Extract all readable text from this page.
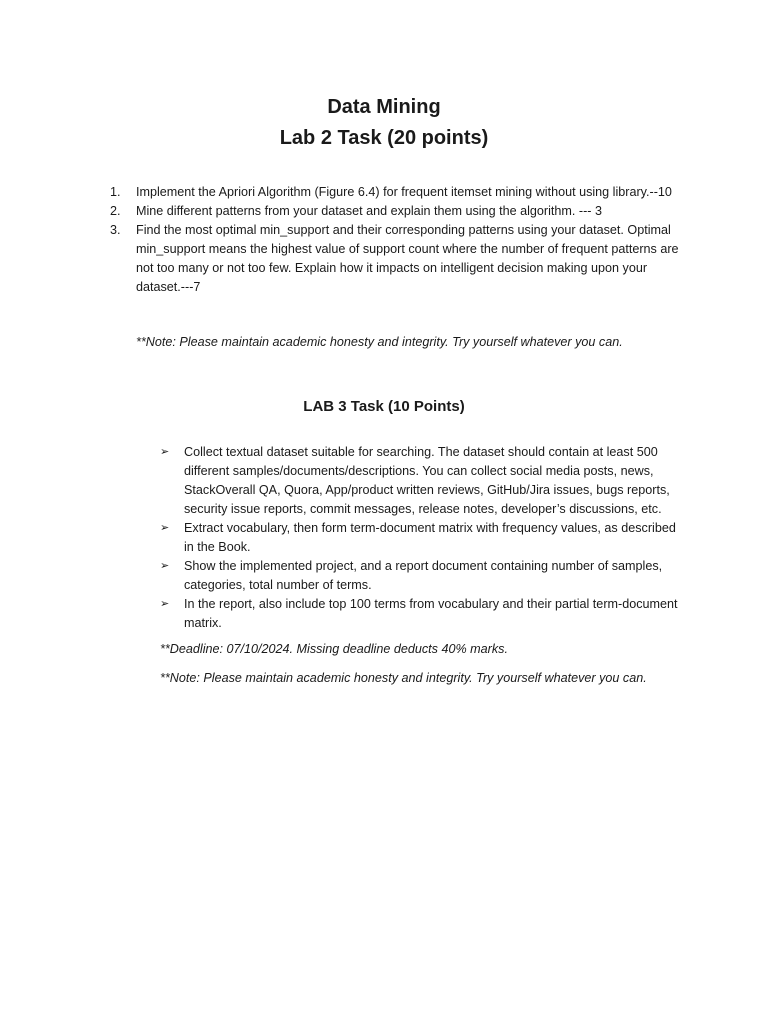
Data Mining
Lab 2 Task (20 points)
1. Implement the Apriori Algorithm (Figure 6.4) for frequent itemset mining without using library.--10
2. Mine different patterns from your dataset and explain them using the algorithm. --- 3
3. Find the most optimal min_support and their corresponding patterns using your dataset. Optimal min_support means the highest value of support count where the number of frequent patterns are not too many or not too few. Explain how it impacts on intelligent decision making upon your dataset.---7
**Note: Please maintain academic honesty and integrity. Try yourself whatever you can.
LAB 3 Task (10 Points)
➢ Collect textual dataset suitable for searching. The dataset should contain at least 500 different samples/documents/descriptions. You can collect social media posts, news, StackOverall QA, Quora, App/product written reviews, GitHub/Jira issues, bugs reports, security issue reports, commit messages, release notes, developer’s discussions, etc.
➢ Extract vocabulary, then form term-document matrix with frequency values, as described in the Book.
➢ Show the implemented project, and a report document containing number of samples, categories, total number of terms.
➢ In the report, also include top 100 terms from vocabulary and their partial term-document matrix.
**Deadline: 07/10/2024. Missing deadline deducts 40% marks.
**Note: Please maintain academic honesty and integrity. Try yourself whatever you can.
